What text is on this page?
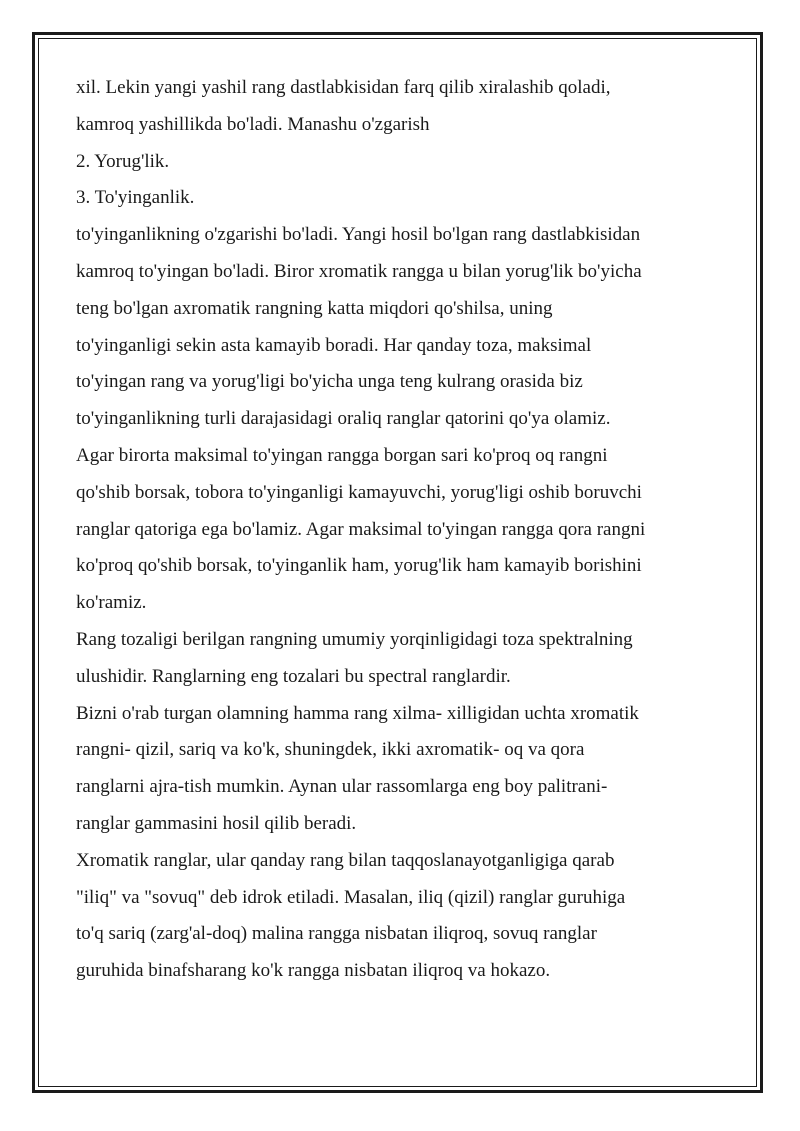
xil. Lekin yangi yashil rang dastlabkisidan farq qilib xiralashib qoladi,
kamroq yashillikda bo'ladi. Manashu o'zgarish
2. Yorug'lik.
3. To'yinganlik.
to'yinganlikning o'zgarishi bo'ladi. Yangi hosil bo'lgan rang dastlabkisidan
kamroq to'yingan bo'ladi. Biror xromatik rangga u bilan yorug'lik bo'yicha
teng bo'lgan axromatik rangning katta miqdori qo'shilsa, uning
to'yinganligi sekin asta kamayib boradi. Har qanday toza, maksimal
to'yingan rang va yorug'ligi bo'yicha unga teng kulrang orasida biz
to'yinganlikning turli darajasidagi oraliq ranglar qatorini qo'ya olamiz.
Agar birorta maksimal to'yingan rangga borgan sari ko'proq oq rangni
qo'shib borsak, tobora to'yinganligi kamayuvchi, yorug'ligi oshib boruvchi
ranglar qatoriga ega bo'lamiz. Agar maksimal to'yingan rangga qora rangni
ko'proq qo'shib borsak, to'yinganlik ham, yorug'lik ham kamayib borishini
ko'ramiz.
Rang tozaligi berilgan rangning umumiy yorqinligidagi toza spektralning
ulushidir. Ranglarning eng tozalari bu spectral ranglardir.
Bizni o'rab turgan olamning hamma rang xilma- xilligidan uchta xromatik
rangni- qizil, sariq va ko'k, shuningdek, ikki axromatik- oq va qora
ranglarni ajra-tish mumkin. Aynan ular rassomlarga eng boy palitrani-
ranglar gammasini hosil qilib beradi.
Xromatik ranglar, ular qanday rang bilan taqqoslanayotganligiga qarab
"iliq" va "sovuq" deb idrok etiladi. Masalan, iliq (qizil) ranglar guruhiga
to'q sariq (zarg'al-doq) malina rangga nisbatan iliqroq, sovuq ranglar
guruhida binafsharang ko'k rangga nisbatan iliqroq va hokazo.
